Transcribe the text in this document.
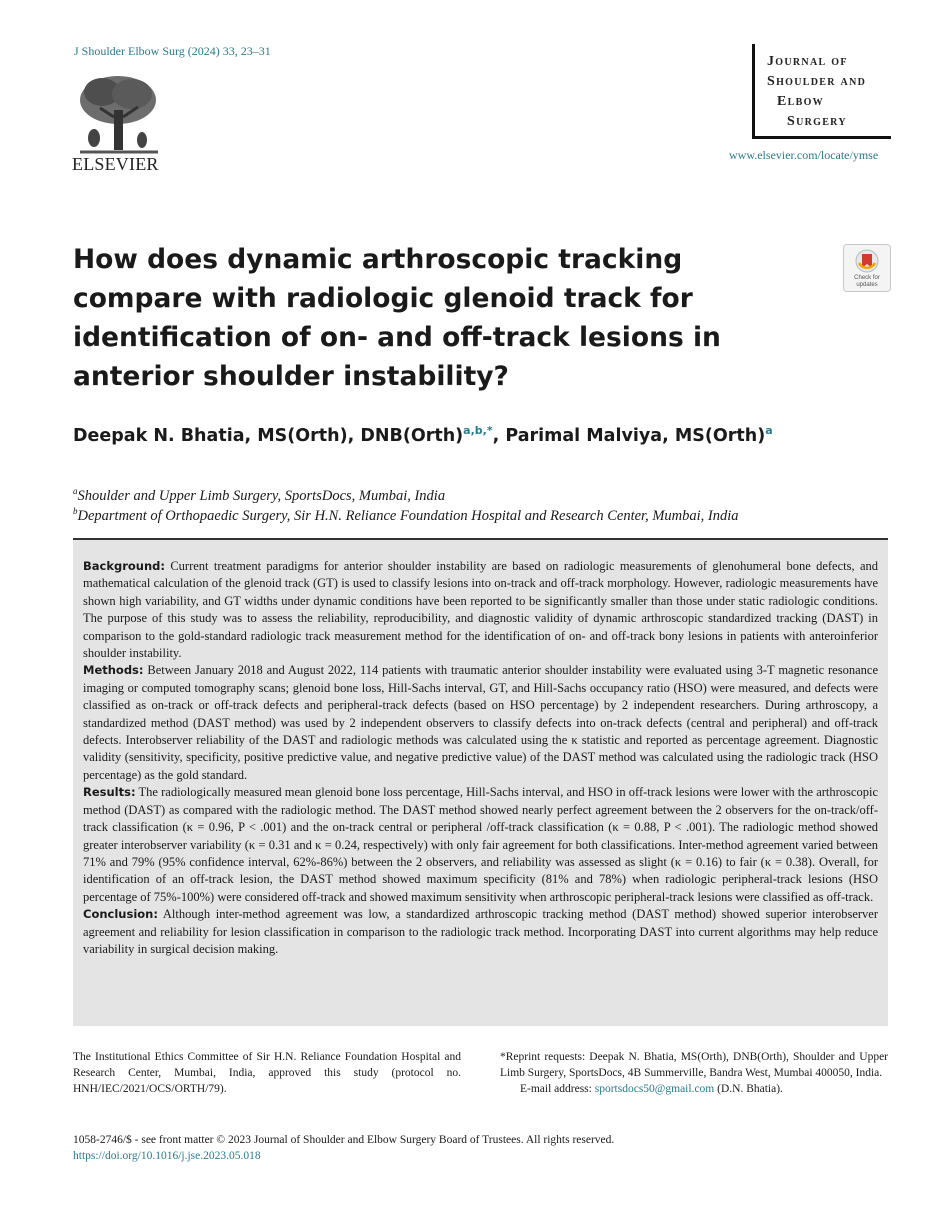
J Shoulder Elbow Surg (2024) 33, 23–31
ELSEVIER
Journal of
Shoulder and
Elbow
Surgery
www.elsevier.com/locate/ymse
Check for updates
How does dynamic arthroscopic tracking compare with radiologic glenoid track for identification of on- and off-track lesions in anterior shoulder instability?
Deepak N. Bhatia, MS(Orth), DNB(Orth)$^{a,b,*}$, Parimal Malviya, MS(Orth)$^a$
$^a$Shoulder and Upper Limb Surgery, SportsDocs, Mumbai, India
$^b$Department of Orthopaedic Surgery, Sir H.N. Reliance Foundation Hospital and Research Center, Mumbai, India

Background: Current treatment paradigms for anterior shoulder instability are based on radiologic measurements of glenohumeral bone defects, and mathematical calculation of the glenoid track (GT) is used to classify lesions into on-track and off-track morphology. However, radiologic measurements have shown high variability, and GT widths under dynamic conditions have been reported to be significantly smaller than those under static radiologic conditions. The purpose of this study was to assess the reliability, reproducibility, and diagnostic validity of dynamic arthroscopic standardized tracking (DAST) in comparison to the gold-standard radiologic track measurement method for the identification of on- and off-track bony lesions in patients with anteroinferior shoulder instability.

Methods: Between January 2018 and August 2022, 114 patients with traumatic anterior shoulder instability were evaluated using 3-T magnetic resonance imaging or computed tomography scans; glenoid bone loss, Hill-Sachs interval, GT, and Hill-Sachs occupancy ratio (HSO) were measured, and defects were classified as on-track or off-track defects and peripheral-track defects (based on HSO percentage) by 2 independent researchers. During arthroscopy, a standardized method (DAST method) was used by 2 independent observers to classify defects into on-track defects (central and peripheral) and off-track defects. Interobserver reliability of the DAST and radiologic methods was calculated using the κ statistic and reported as percentage agreement. Diagnostic validity (sensitivity, specificity, positive predictive value, and negative predictive value) of the DAST method was calculated using the radiologic track (HSO percentage) as the gold standard.

Results: The radiologically measured mean glenoid bone loss percentage, Hill-Sachs interval, and HSO in off-track lesions were lower with the arthroscopic method (DAST) as compared with the radiologic method. The DAST method showed nearly perfect agreement between the 2 observers for the on-track/off-track classification (κ = 0.96, P < .001) and the on-track central or peripheral /off-track classification (κ = 0.88, P < .001). The radiologic method showed greater interobserver variability (κ = 0.31 and κ = 0.24, respectively) with only fair agreement for both classifications. Inter-method agreement varied between 71% and 79% (95% confidence interval, 62%-86%) between the 2 observers, and reliability was assessed as slight (κ = 0.16) to fair (κ = 0.38). Overall, for identification of an off-track lesion, the DAST method showed maximum specificity (81% and 78%) when radiologic peripheral-track lesions (HSO percentage of 75%-100%) were considered off-track and showed maximum sensitivity when arthroscopic peripheral-track lesions were classified as off-track.

Conclusion: Although inter-method agreement was low, a standardized arthroscopic tracking method (DAST method) showed superior interobserver agreement and reliability for lesion classification in comparison to the radiologic track method. Incorporating DAST into current algorithms may help reduce variability in surgical decision making.

The Institutional Ethics Committee of Sir H.N. Reliance Foundation Hospital and Research Center, Mumbai, India, approved this study (protocol no. HNH/IEC/2021/OCS/ORTH/79).
*Reprint requests: Deepak N. Bhatia, MS(Orth), DNB(Orth), Shoulder and Upper Limb Surgery, SportsDocs, 4B Summerville, Bandra West, Mumbai 400050, India.
E-mail address: sportsdocs50@gmail.com (D.N. Bhatia).
1058-2746/$ - see front matter © 2023 Journal of Shoulder and Elbow Surgery Board of Trustees. All rights reserved.
https://doi.org/10.1016/j.jse.2023.05.018
